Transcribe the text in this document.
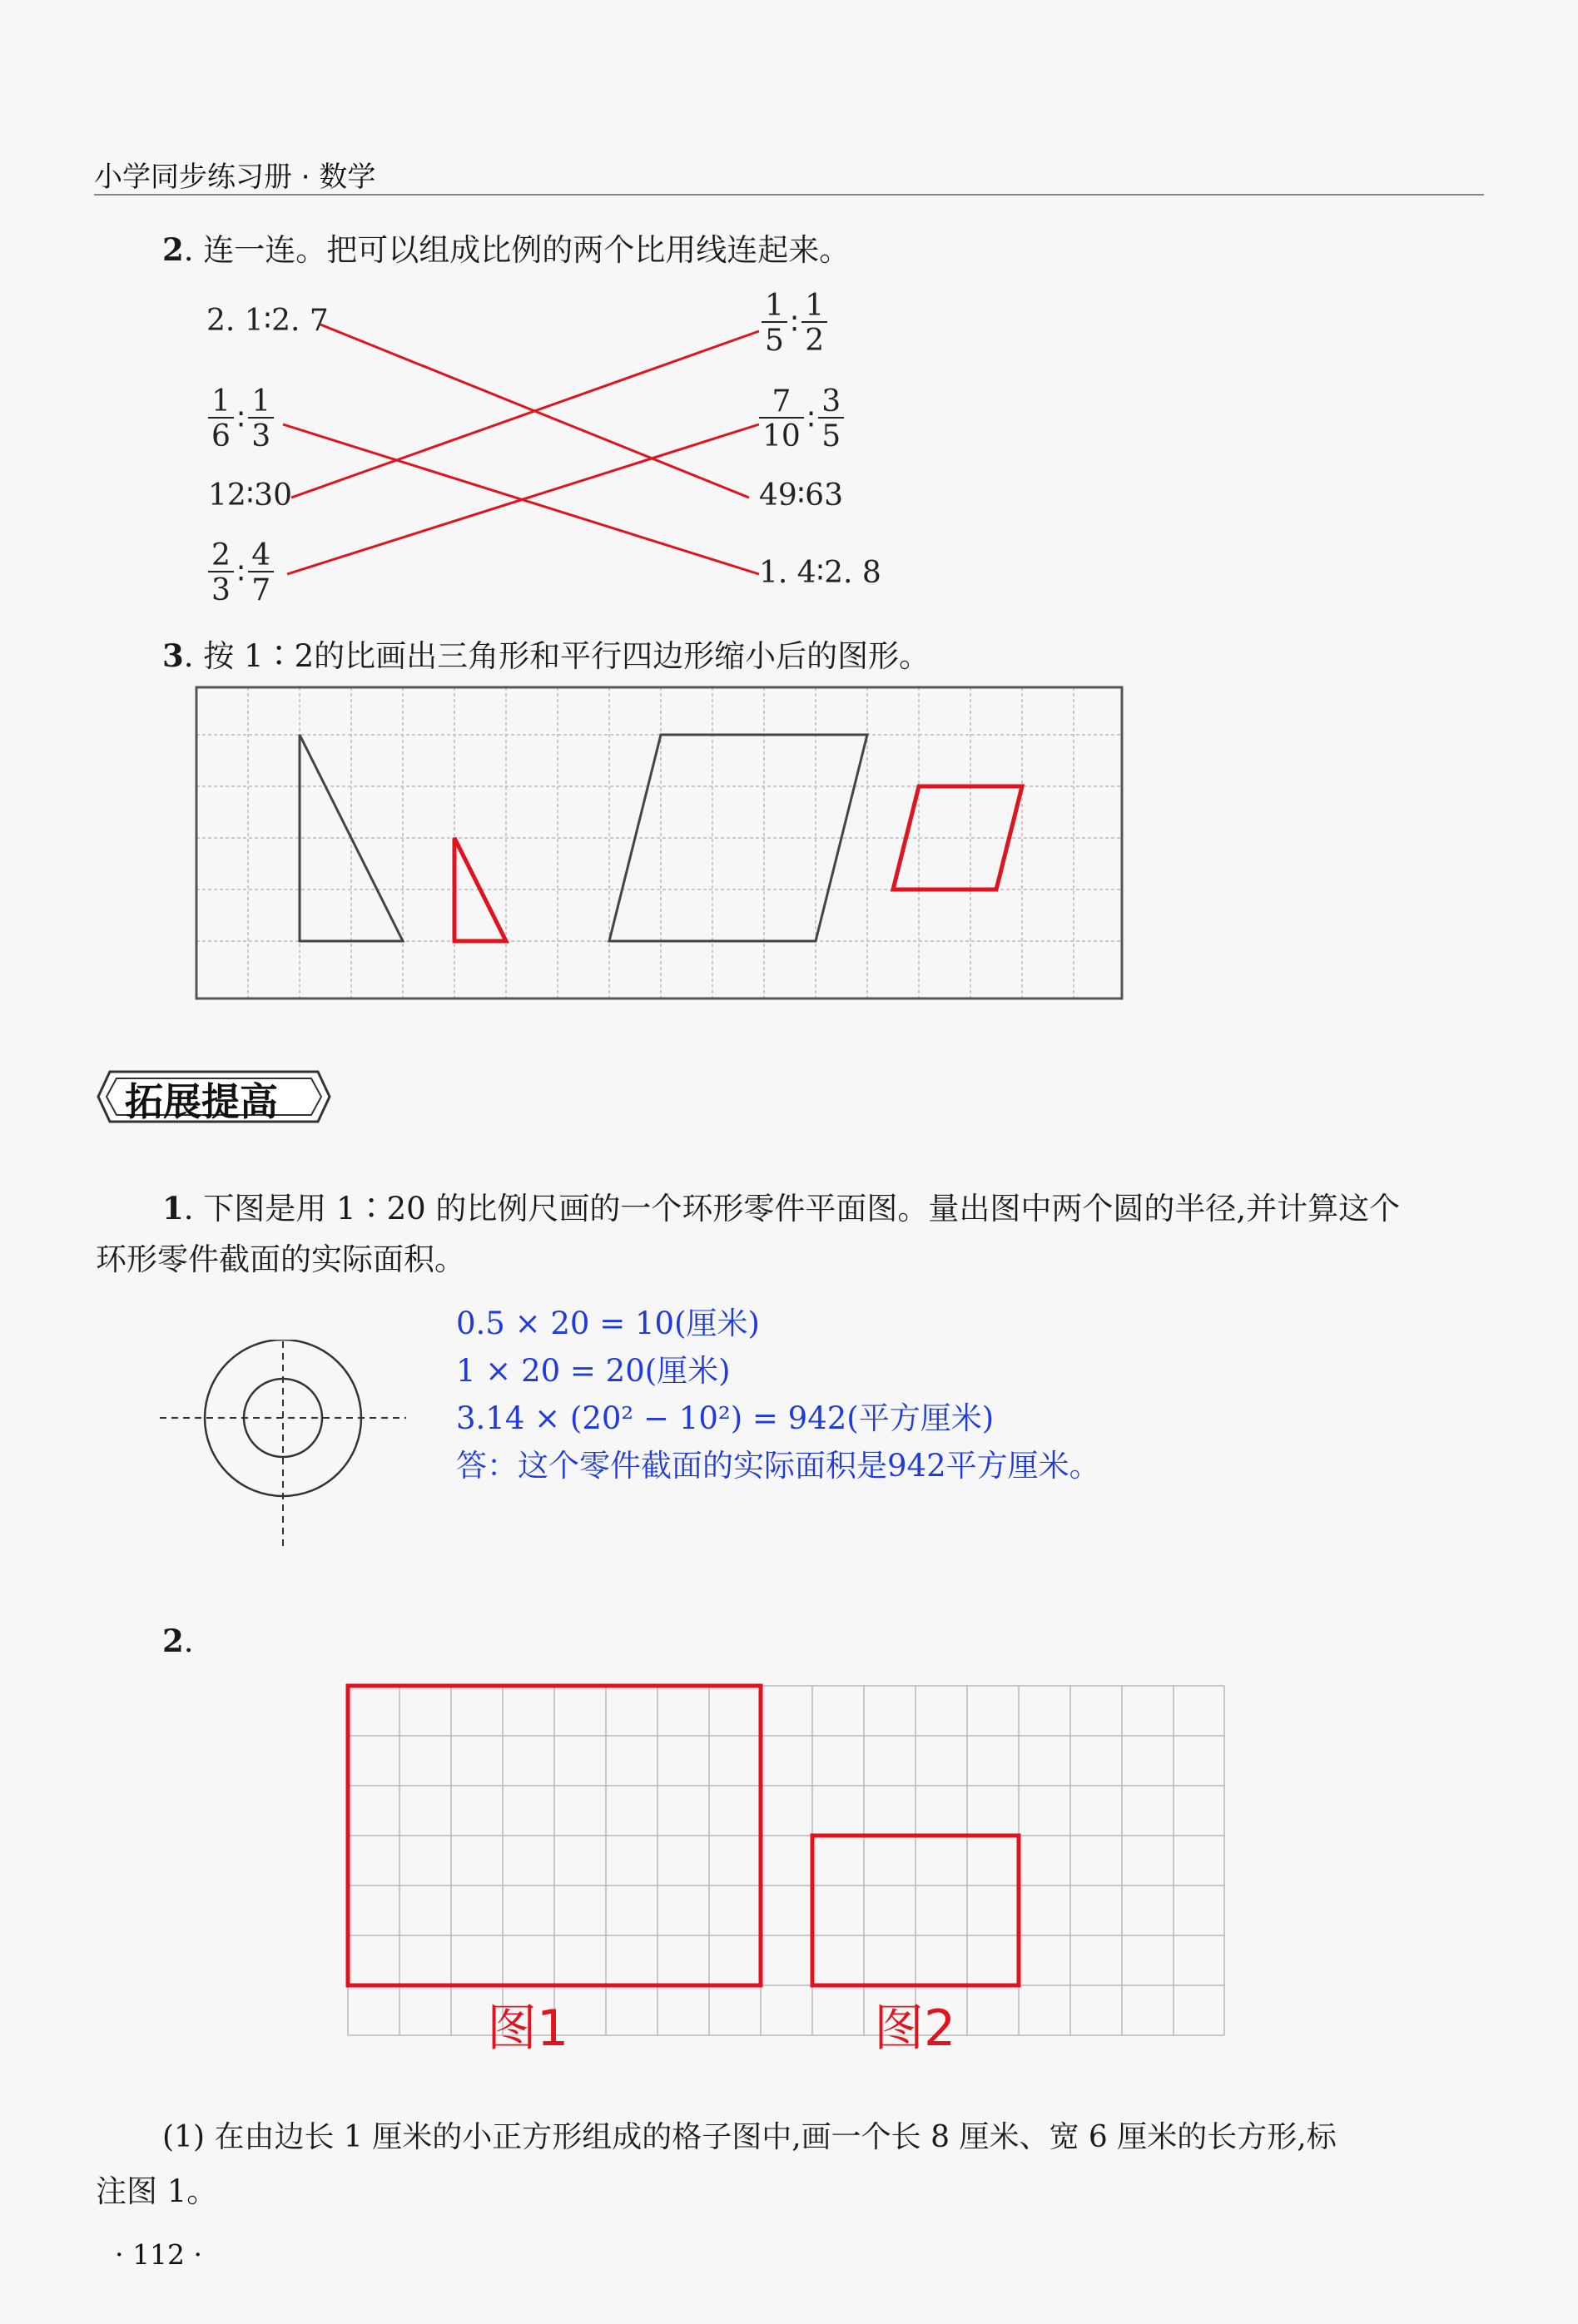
小学同步练习册 · 数学
2. 连一连。把可以组成比例的两个比用线连起来。
2. 1∶2. 7
$\frac{1}{6}$ ∶ $\frac{1}{3}$
12∶30
$\frac{2}{3}$ ∶ $\frac{4}{7}$
$\frac{1}{5}$ ∶ $\frac{1}{2}$
$\frac{7}{10}$ ∶ $\frac{3}{5}$
49∶63
1. 4∶2. 8
3. 按 1∶2的比画出三角形和平行四边形缩小后的图形。
拓展提高
1. 下图是用 1∶20 的比例尺画的一个环形零件平面图。量出图中两个圆的半径,并计算这个
环形零件截面的实际面积。
0.5 × 20 = 10(厘米)
1 × 20 = 20(厘米)
3.14 × (20² − 10²) = 942(平方厘米)
答：这个零件截面的实际面积是942平方厘米。
2.
图1	图2
(1) 在由边长 1 厘米的小正方形组成的格子图中,画一个长 8 厘米、宽 6 厘米的长方形,标
注图 1。
· 112 ·
